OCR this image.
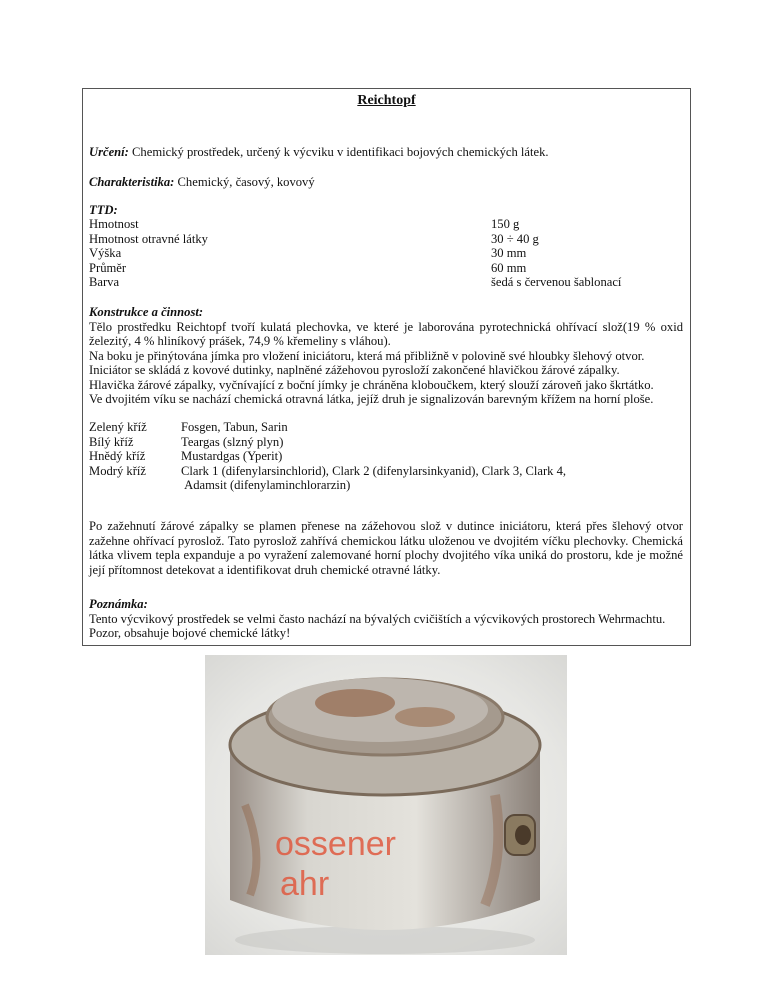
Reichtopf
Určení: Chemický prostředek, určený k výcviku v identifikaci bojových chemických látek.
Charakteristika: Chemický, časový, kovový
TTD:
Hmotnost	150 g
Hmotnost otravné látky	30 ÷ 40 g
Výška	30 mm
Průměr	60 mm
Barva	šedá s červenou šablonací
Konstrukce a činnost:
Tělo prostředku Reichtopf tvoří kulatá plechovka, ve které je laborována pyrotechnická ohřívací slož(19 % oxid železitý, 4 % hliníkový prášek, 74,9 % křemeliny s vláhou).
Na boku je přinýtována jímka pro vložení iniciátoru, která má přibližně v polovině své hloubky šlehový otvor.
Iniciátor se skládá z kovové dutinky, naplněné zážehovou pyrosloží zakončené hlavičkou žárové zápalky.
Hlavička žárové zápalky, vyčnívající z boční jímky je chráněna kloboučkem, který slouží zároveň jako škrtátko.
Ve dvojitém víku se nachází chemická otravná látka, jejíž druh je signalizován barevným křížem na horní ploše.
Zelený kříž	Fosgen, Tabun, Sarin
Bílý kříž	Teargas (slzný plyn)
Hnědý kříž	Mustardgas (Yperit)
Modrý kříž	Clark 1 (difenylarsinchlorid), Clark 2 (difenylarsinkyanid), Clark 3, Clark 4,
Adamsit (difenylaminchlorarzin)
Po zažehnutí žárové zápalky se plamen přenese na zážehovou slož v dutince iniciátoru, která přes šlehový otvor zažehne ohřívací pyroslož. Tato pyroslož zahřívá chemickou látku uloženou ve dvojitém víčku plechovky. Chemická látka vlivem tepla expanduje a po vyražení zalemované horní plochy dvojitého víka uniká do prostoru, kde je možné její přítomnost detekovat a identifikovat druh chemické otravné látky.
Poznámka:
Tento výcvikový prostředek se velmi často nachází na bývalých cvičištích a výcvikových prostorech Wehrmachtu.
Pozor, obsahuje bojové chemické látky!
ossener
ahr
